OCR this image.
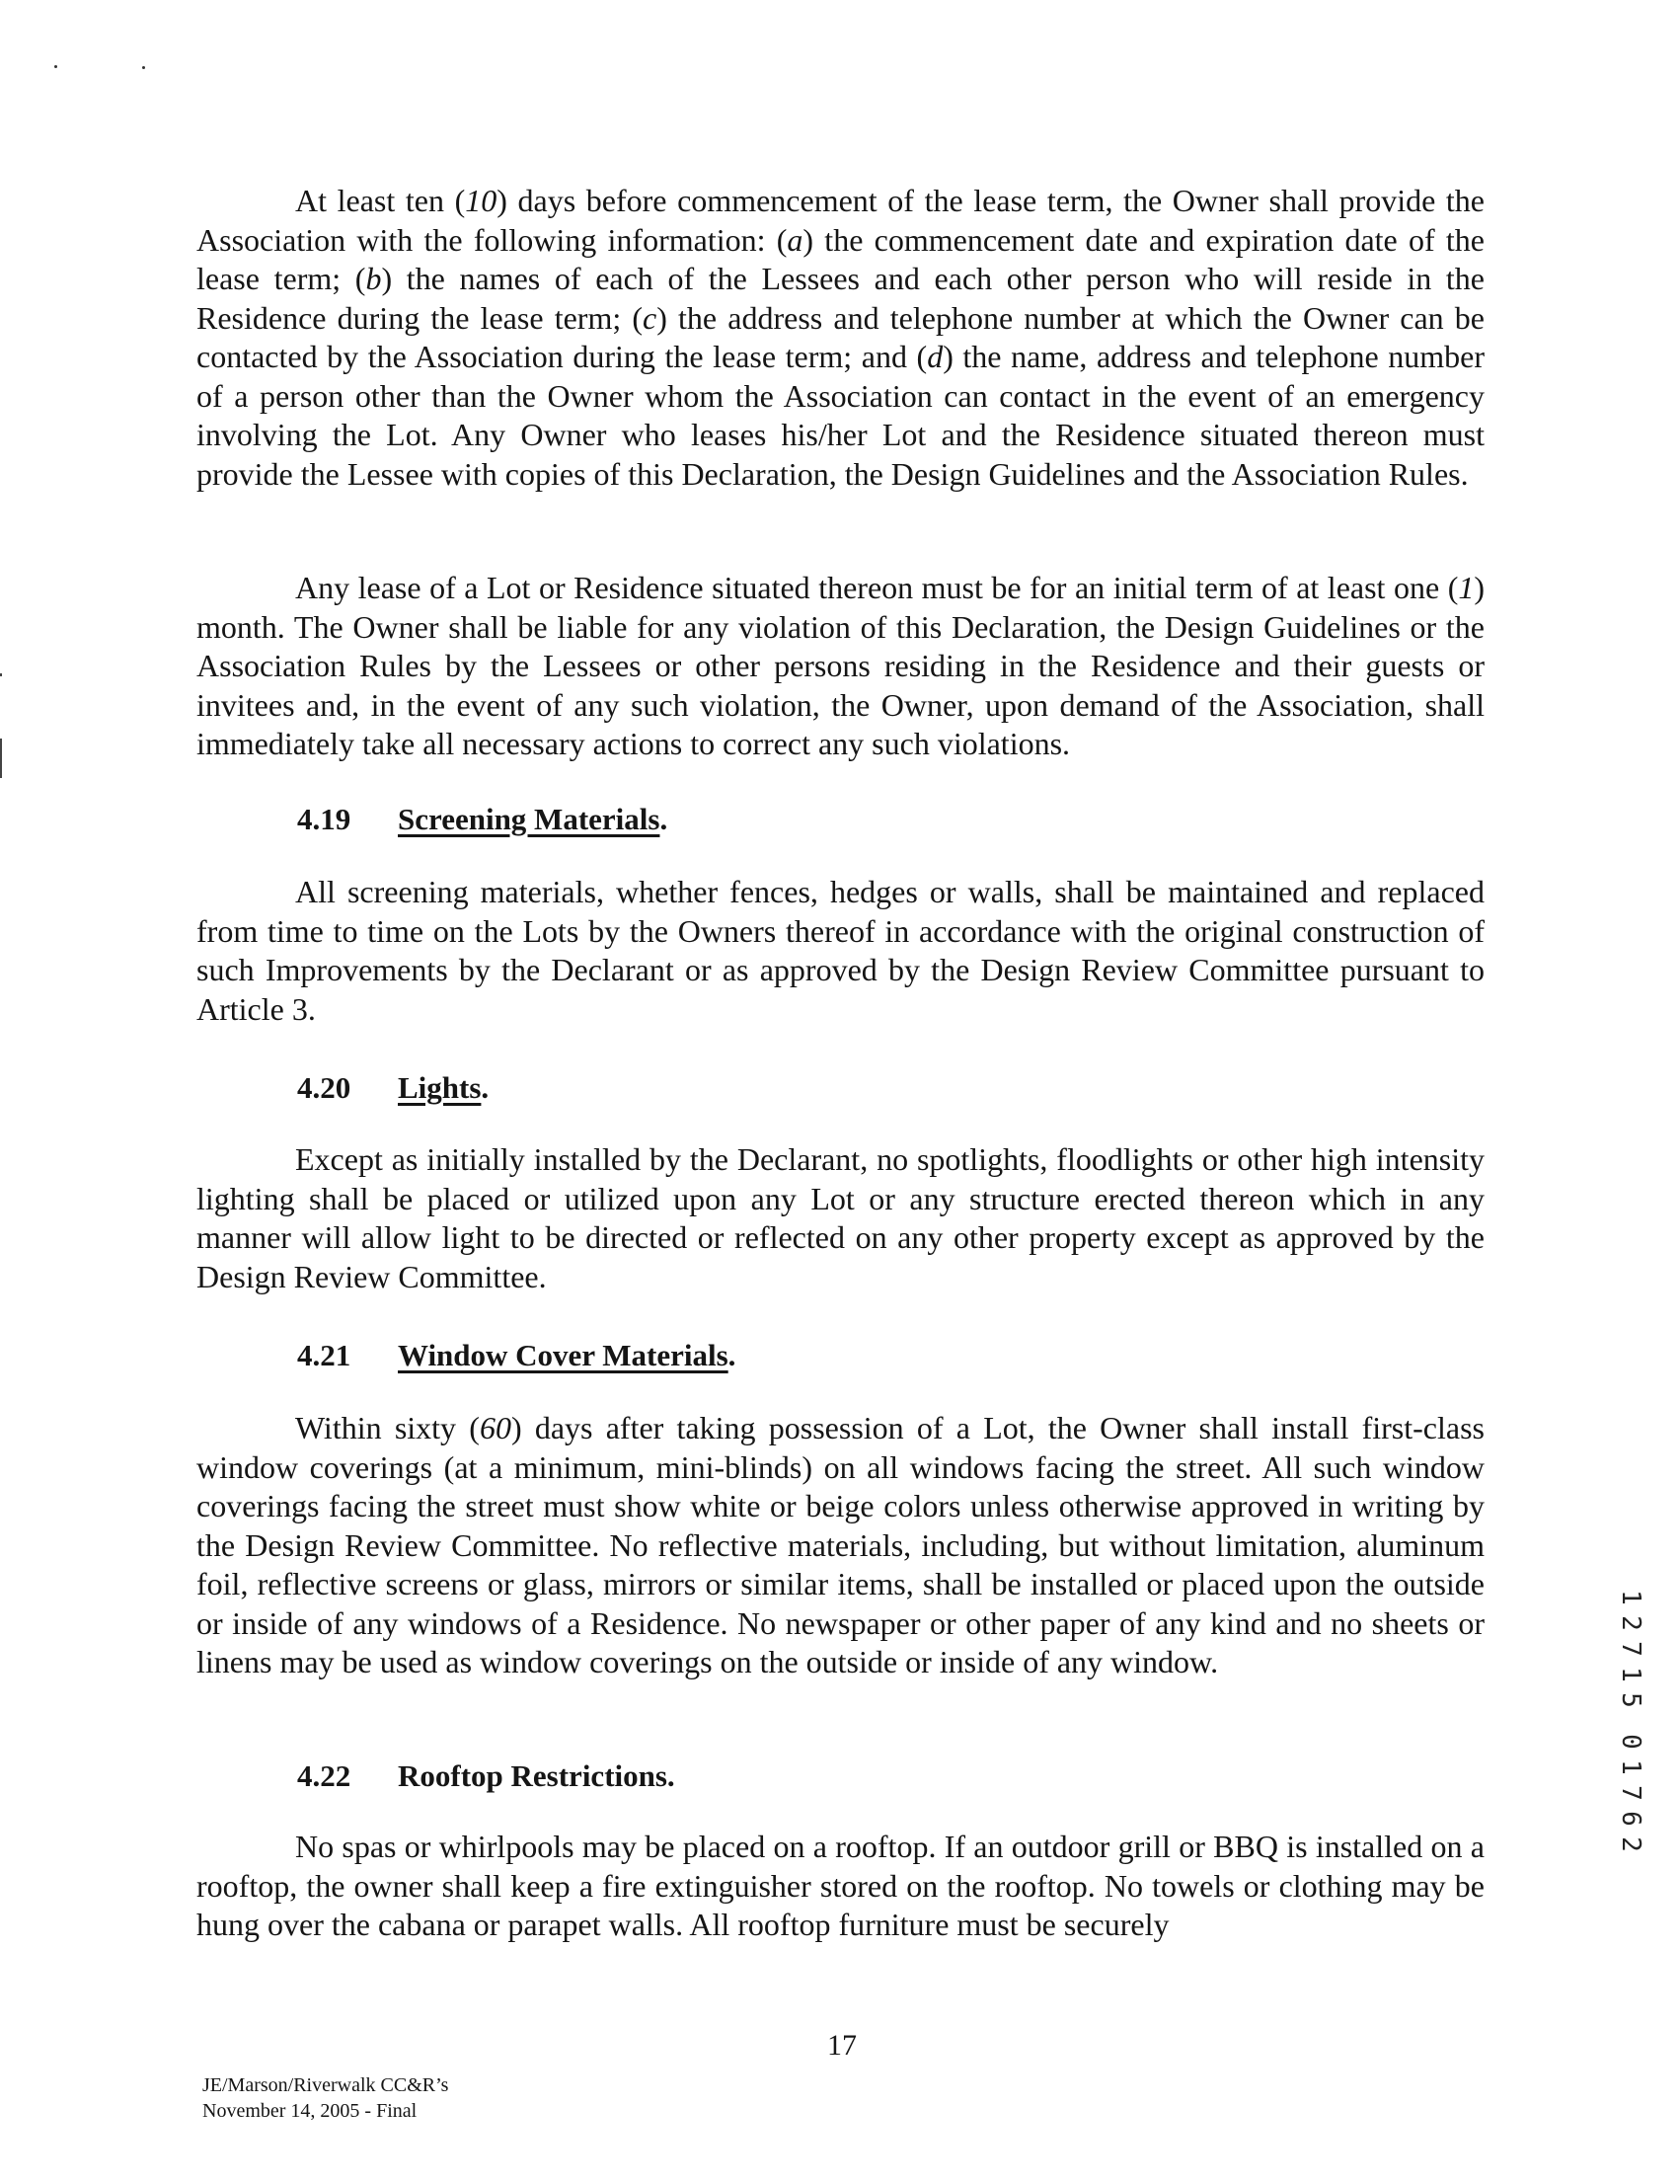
At least ten (10) days before commencement of the lease term, the Owner shall provide the Association with the following information: (a) the commencement date and expiration date of the lease term; (b) the names of each of the Lessees and each other person who will reside in the Residence during the lease term; (c) the address and telephone number at which the Owner can be contacted by the Association during the lease term; and (d) the name, address and telephone number of a person other than the Owner whom the Association can contact in the event of an emergency involving the Lot. Any Owner who leases his/her Lot and the Residence situated thereon must provide the Lessee with copies of this Declaration, the Design Guidelines and the Association Rules.

Any lease of a Lot or Residence situated thereon must be for an initial term of at least one (1) month. The Owner shall be liable for any violation of this Declaration, the Design Guidelines or the Association Rules by the Lessees or other persons residing in the Residence and their guests or invitees and, in the event of any such violation, the Owner, upon demand of the Association, shall immediately take all necessary actions to correct any such violations.

4.19 Screening Materials.

All screening materials, whether fences, hedges or walls, shall be maintained and replaced from time to time on the Lots by the Owners thereof in accordance with the original construction of such Improvements by the Declarant or as approved by the Design Review Committee pursuant to Article 3.

4.20 Lights.

Except as initially installed by the Declarant, no spotlights, floodlights or other high intensity lighting shall be placed or utilized upon any Lot or any structure erected thereon which in any manner will allow light to be directed or reflected on any other property except as approved by the Design Review Committee.

4.21 Window Cover Materials.

Within sixty (60) days after taking possession of a Lot, the Owner shall install first-class window coverings (at a minimum, mini-blinds) on all windows facing the street. All such window coverings facing the street must show white or beige colors unless otherwise approved in writing by the Design Review Committee. No reflective materials, including, but without limitation, aluminum foil, reflective screens or glass, mirrors or similar items, shall be installed or placed upon the outside or inside of any windows of a Residence. No newspaper or other paper of any kind and no sheets or linens may be used as window coverings on the outside or inside of any window.

4.22 Rooftop Restrictions.

No spas or whirlpools may be placed on a rooftop. If an outdoor grill or BBQ is installed on a rooftop, the owner shall keep a fire extinguisher stored on the rooftop. No towels or clothing may be hung over the cabana or parapet walls. All rooftop furniture must be securely

17
JE/Marson/Riverwalk CC&R’s
November 14, 2005 - Final
1
2
7
1
5
0
1
7
6
2
